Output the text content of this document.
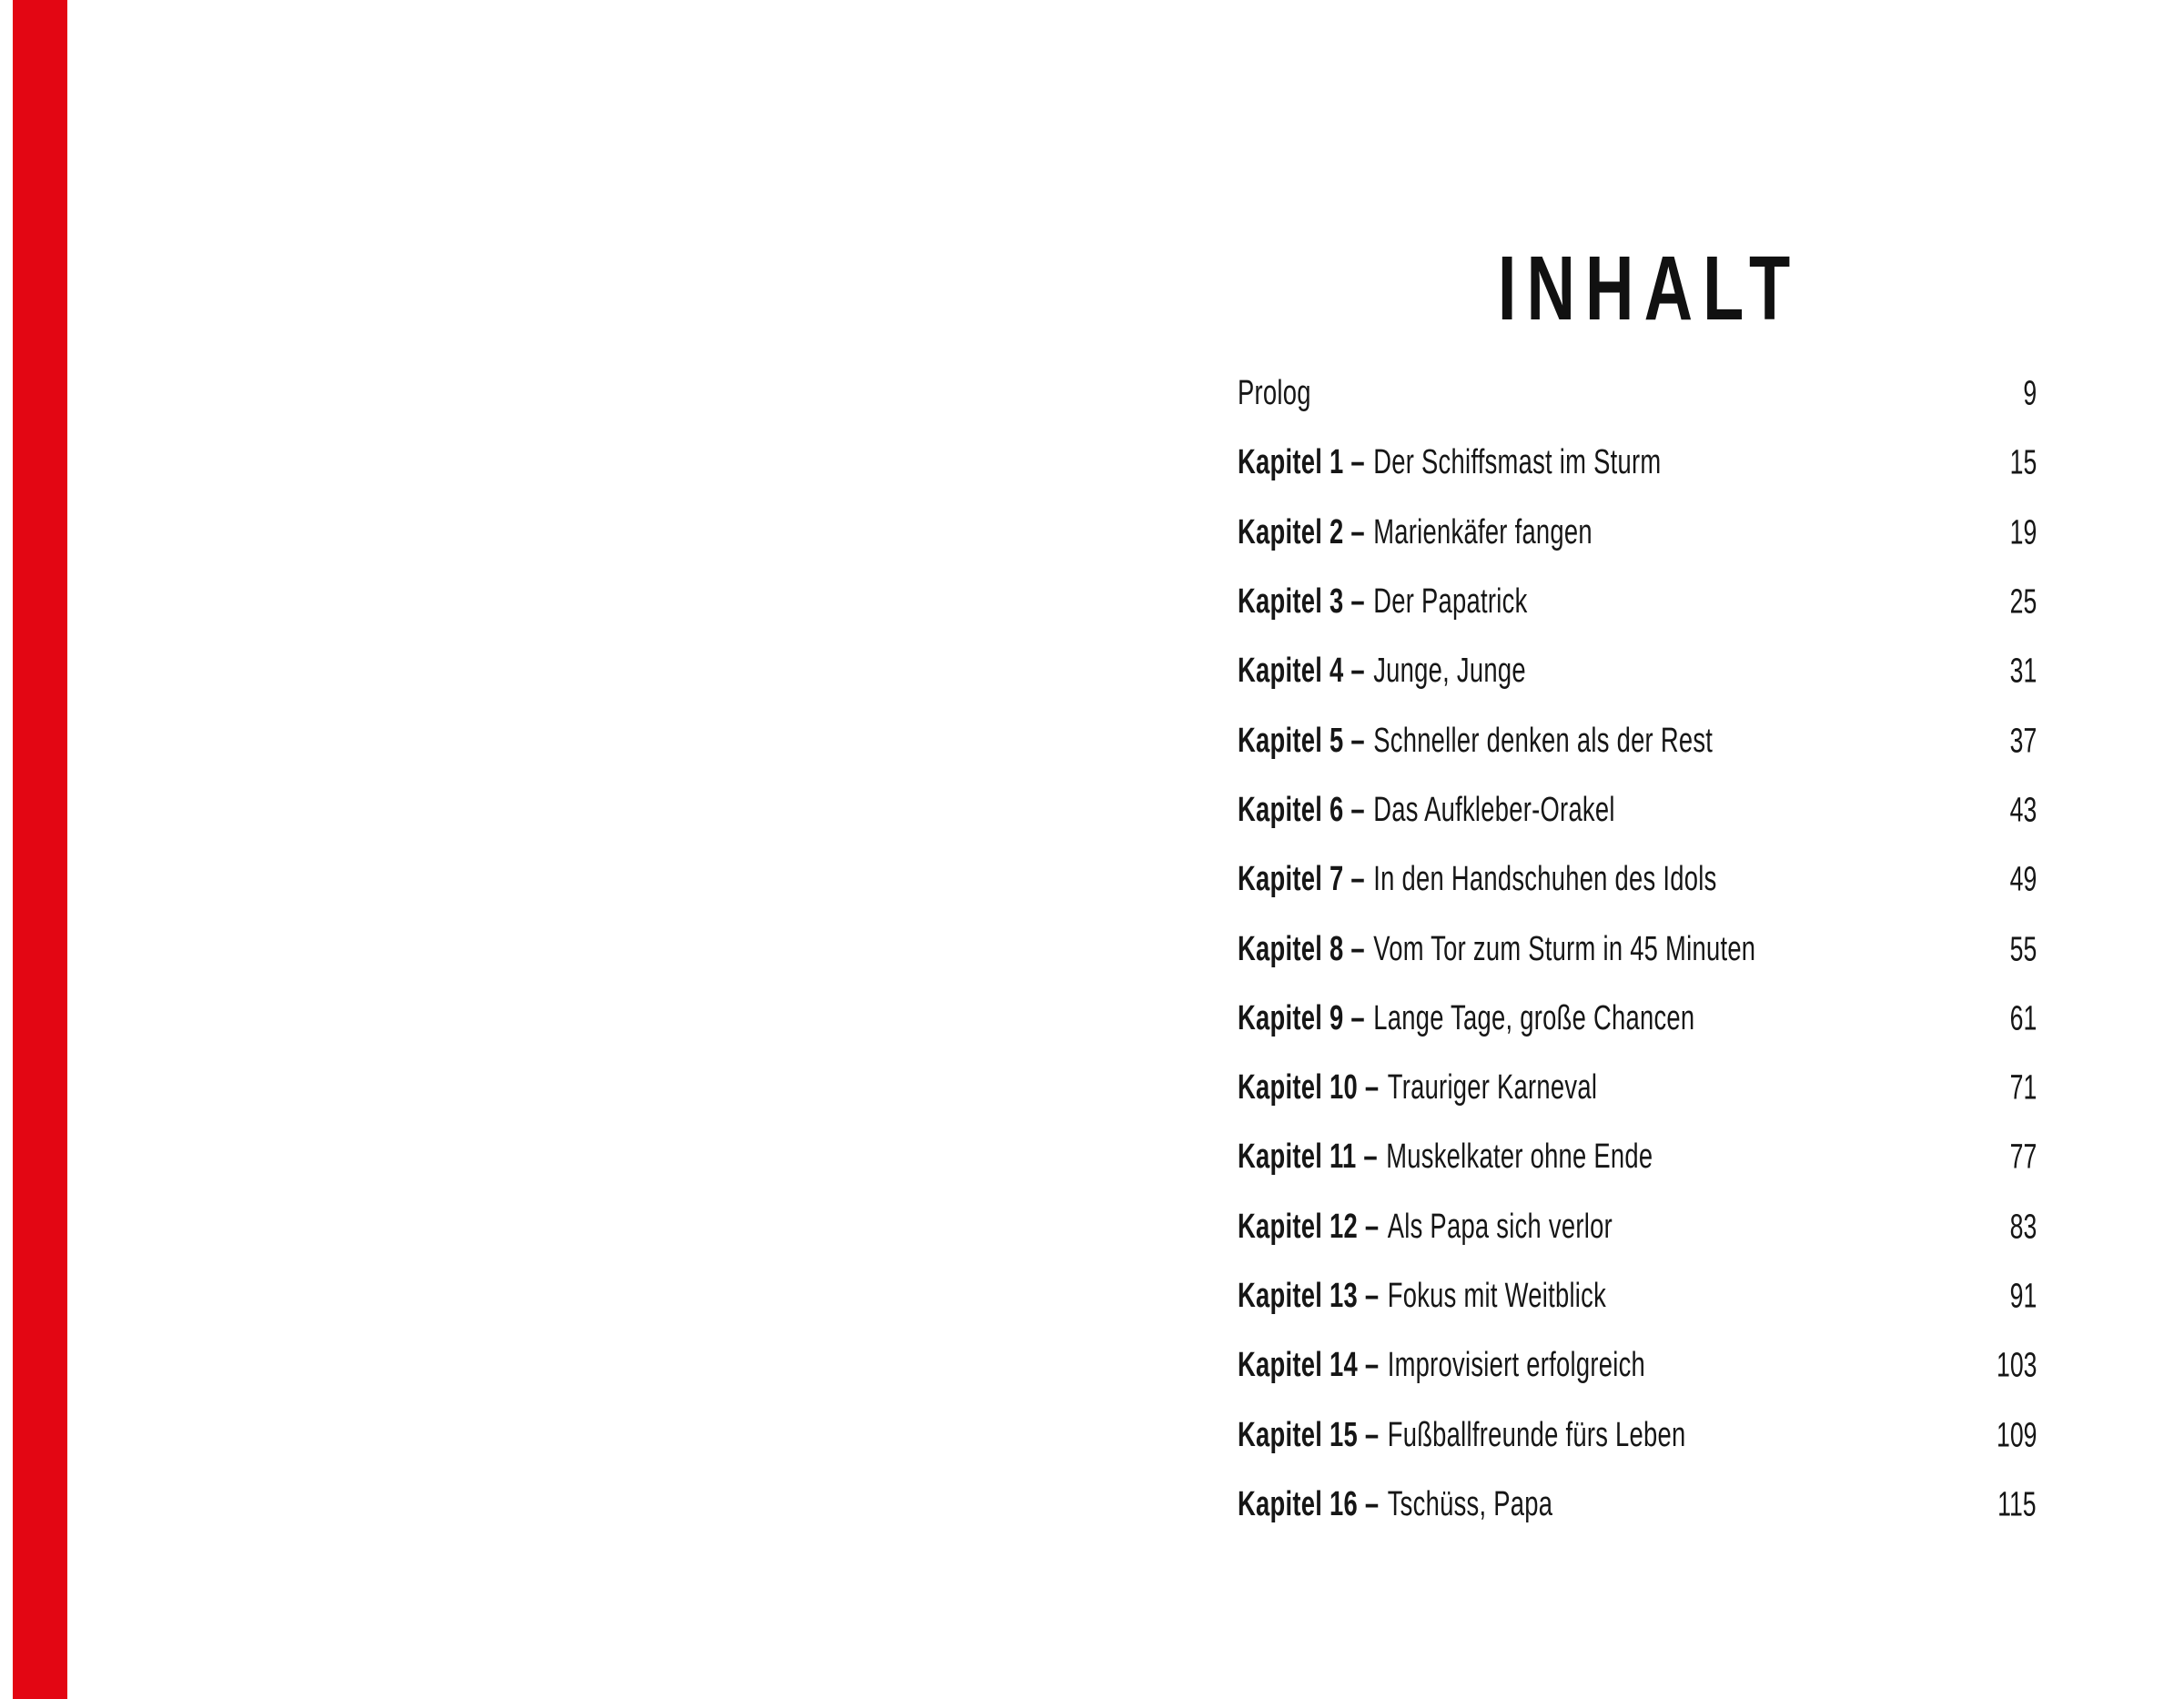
INHALT
Prolog	9
Kapitel 1 – Der Schiffsmast im Sturm	15
Kapitel 2 – Marienkäfer fangen	19
Kapitel 3 – Der Papatrick	25
Kapitel 4 – Junge, Junge	31
Kapitel 5 – Schneller denken als der Rest	37
Kapitel 6 – Das Aufkleber-Orakel	43
Kapitel 7 – In den Handschuhen des Idols	49
Kapitel 8 – Vom Tor zum Sturm in 45 Minuten	55
Kapitel 9 – Lange Tage, große Chancen	61
Kapitel 10 – Trauriger Karneval	71
Kapitel 11 – Muskelkater ohne Ende	77
Kapitel 12 – Als Papa sich verlor	83
Kapitel 13 – Fokus mit Weitblick	91
Kapitel 14 – Improvisiert erfolgreich	103
Kapitel 15 – Fußballfreunde fürs Leben	109
Kapitel 16 – Tschüss, Papa	115
